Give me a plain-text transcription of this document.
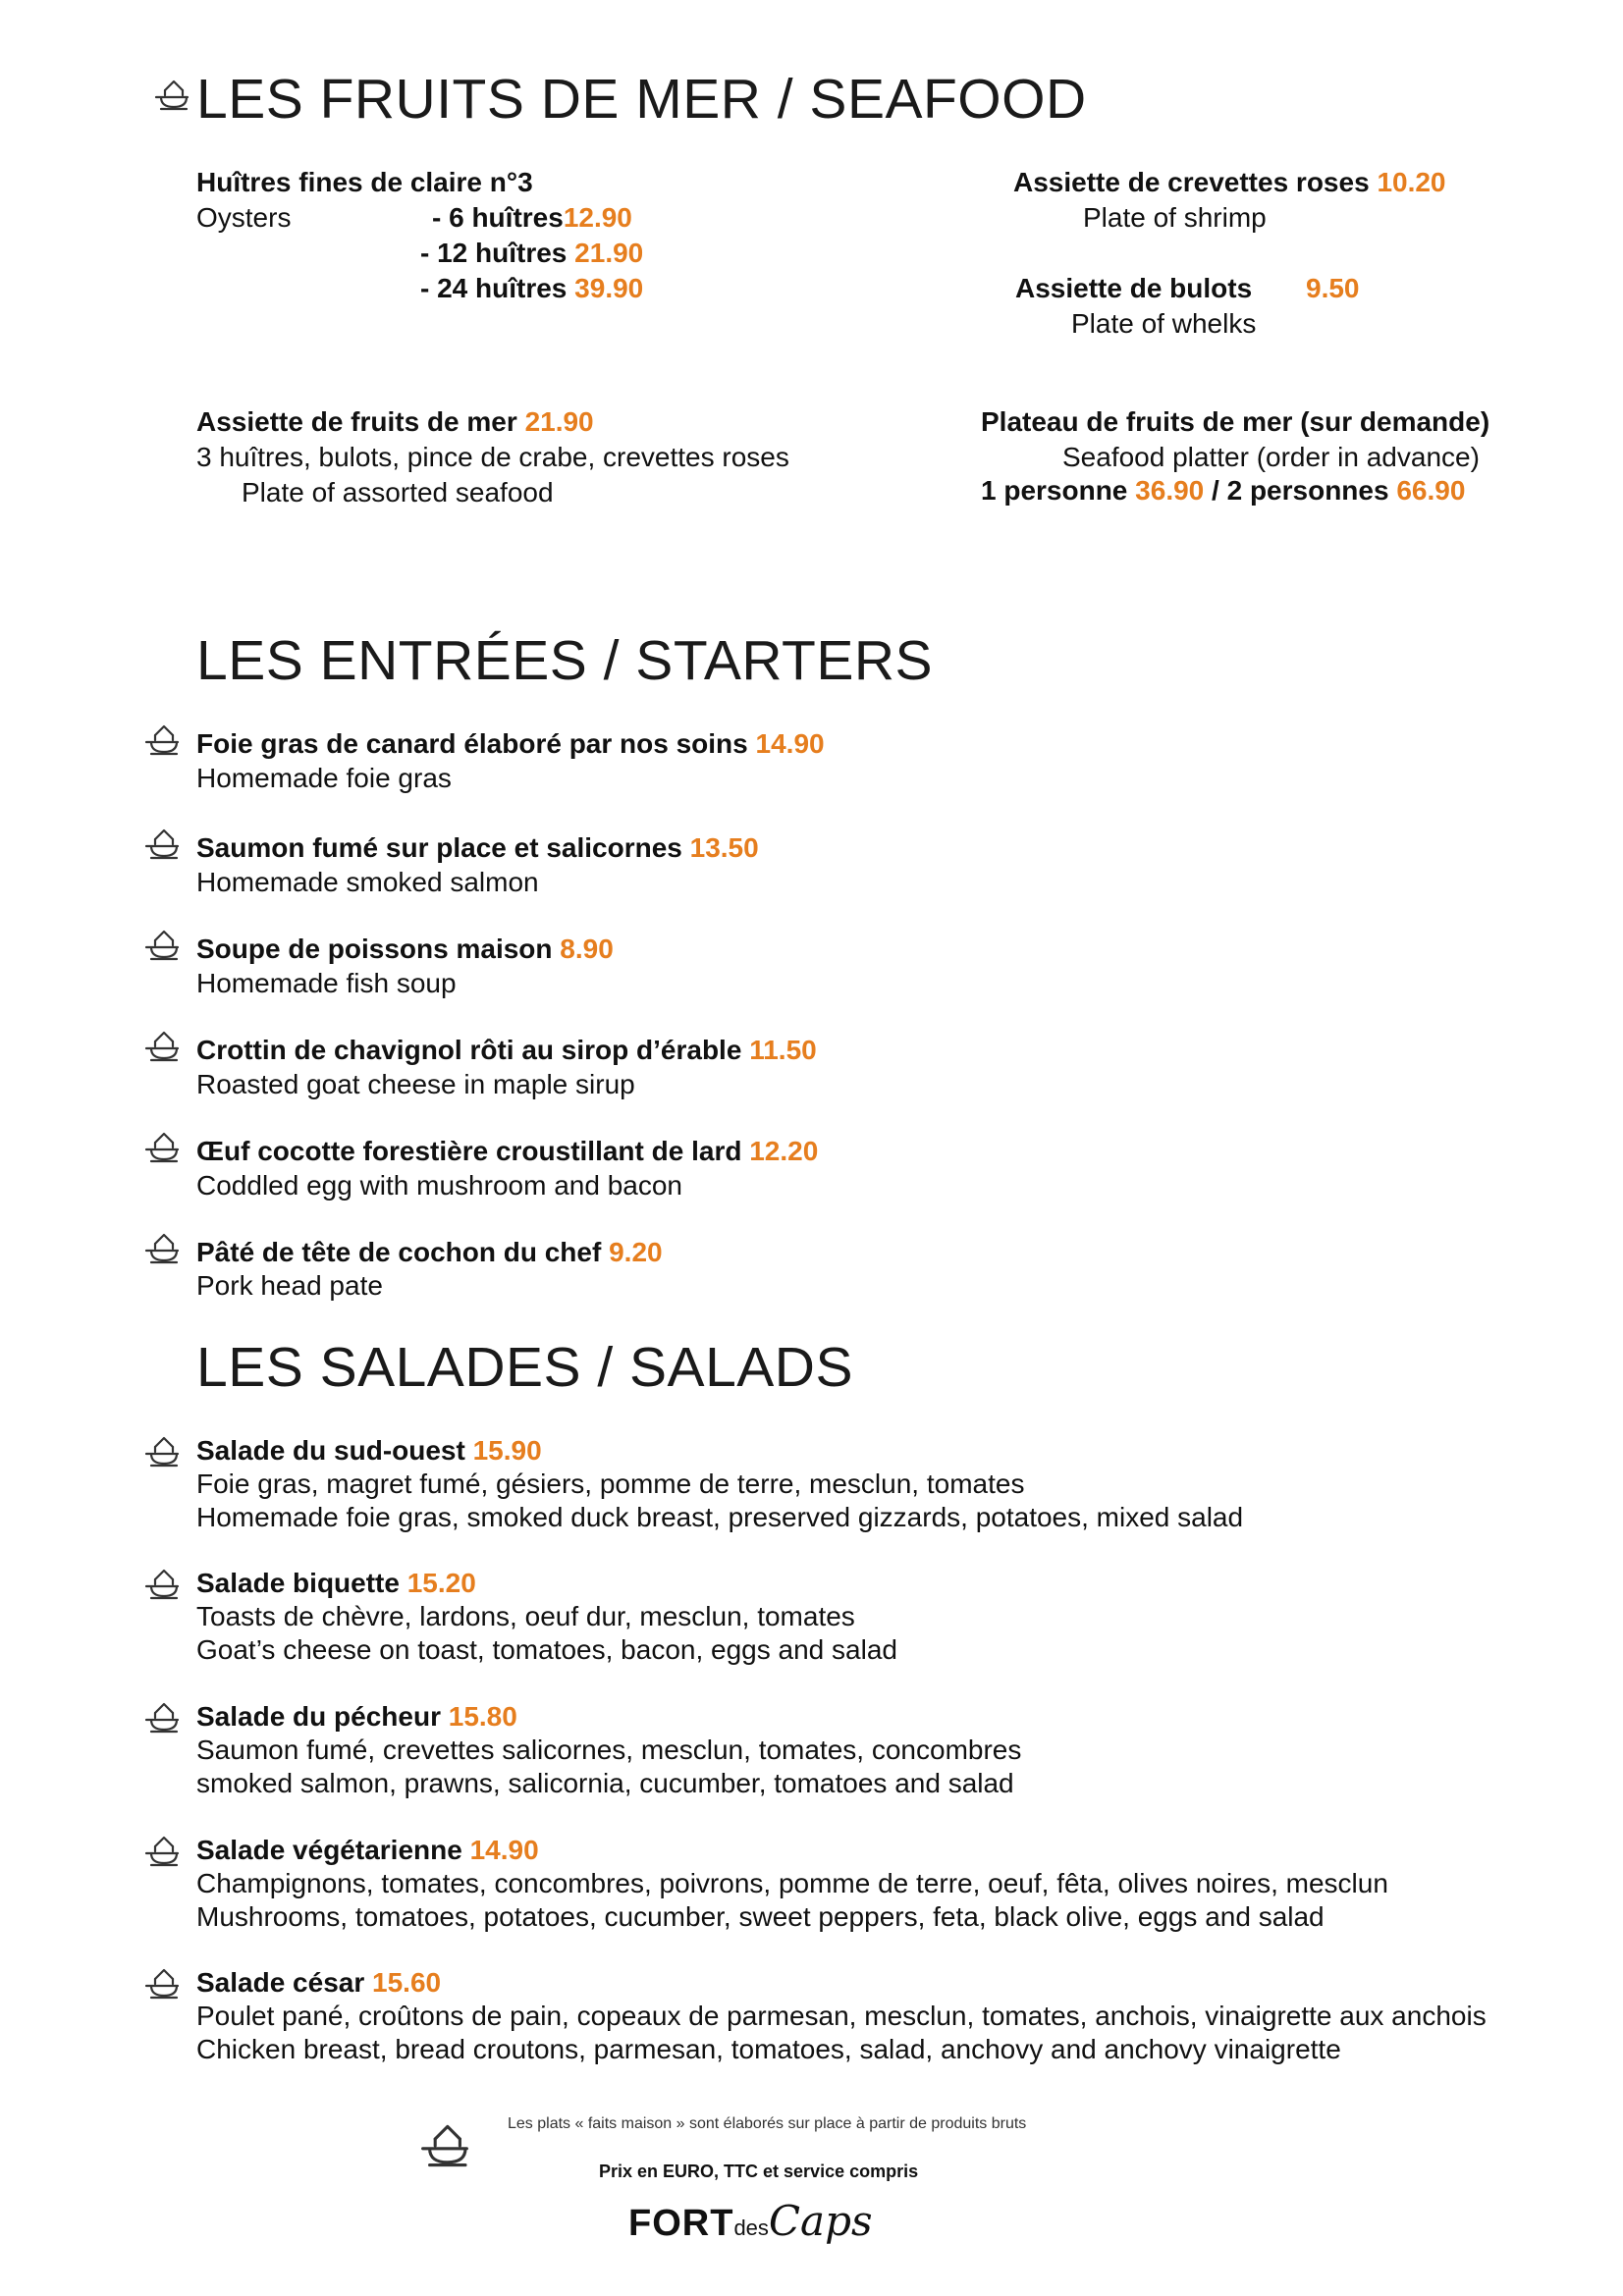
LES FRUITS DE MER / SEAFOOD
Huîtres fines de claire n°3
Oysters	- 6 huîtres12.90
- 12 huîtres 21.90
- 24 huîtres 39.90
Assiette de crevettes roses 10.20
Plate of shrimp
Assiette de bulots 9.50
Plate of whelks
Assiette de fruits de mer 21.90
3 huîtres, bulots, pince de crabe, crevettes roses
Plate of assorted seafood
Plateau de fruits de mer (sur demande)
Seafood platter (order in advance)
1 personne 36.90 / 2 personnes 66.90
LES ENTRÉES / STARTERS
Foie gras de canard élaboré par nos soins 14.90
Homemade foie gras
Saumon fumé sur place et salicornes 13.50
Homemade smoked salmon
Soupe de poissons maison 8.90
Homemade fish soup
Crottin de chavignol rôti au sirop d’érable 11.50
Roasted goat cheese in maple sirup
Œuf cocotte forestière croustillant de lard 12.20
Coddled egg with mushroom and bacon
Pâté de tête de cochon du chef 9.20
Pork head pate
LES SALADES / SALADS
Salade du sud-ouest 15.90
Foie gras, magret fumé, gésiers, pomme de terre, mesclun, tomates
Homemade foie gras, smoked duck breast, preserved gizzards, potatoes, mixed salad
Salade biquette 15.20
Toasts de chèvre, lardons, oeuf dur, mesclun, tomates
Goat’s cheese on toast, tomatoes, bacon, eggs and salad
Salade du pécheur 15.80
Saumon fumé, crevettes salicornes, mesclun, tomates, concombres
smoked salmon, prawns, salicornia, cucumber, tomatoes and salad
Salade végétarienne 14.90
Champignons, tomates, concombres, poivrons, pomme de terre, oeuf, fêta, olives noires, mesclun
Mushrooms, tomatoes, potatoes, cucumber, sweet peppers, feta, black olive, eggs and salad
Salade césar 15.60
Poulet pané, croûtons de pain, copeaux de parmesan, mesclun, tomates, anchois, vinaigrette aux anchois
Chicken breast, bread croutons, parmesan, tomatoes, salad, anchovy and anchovy vinaigrette
Les plats « faits maison » sont élaborés sur place à partir de produits bruts
Prix en EURO, TTC et service compris
FORTdesCaps
